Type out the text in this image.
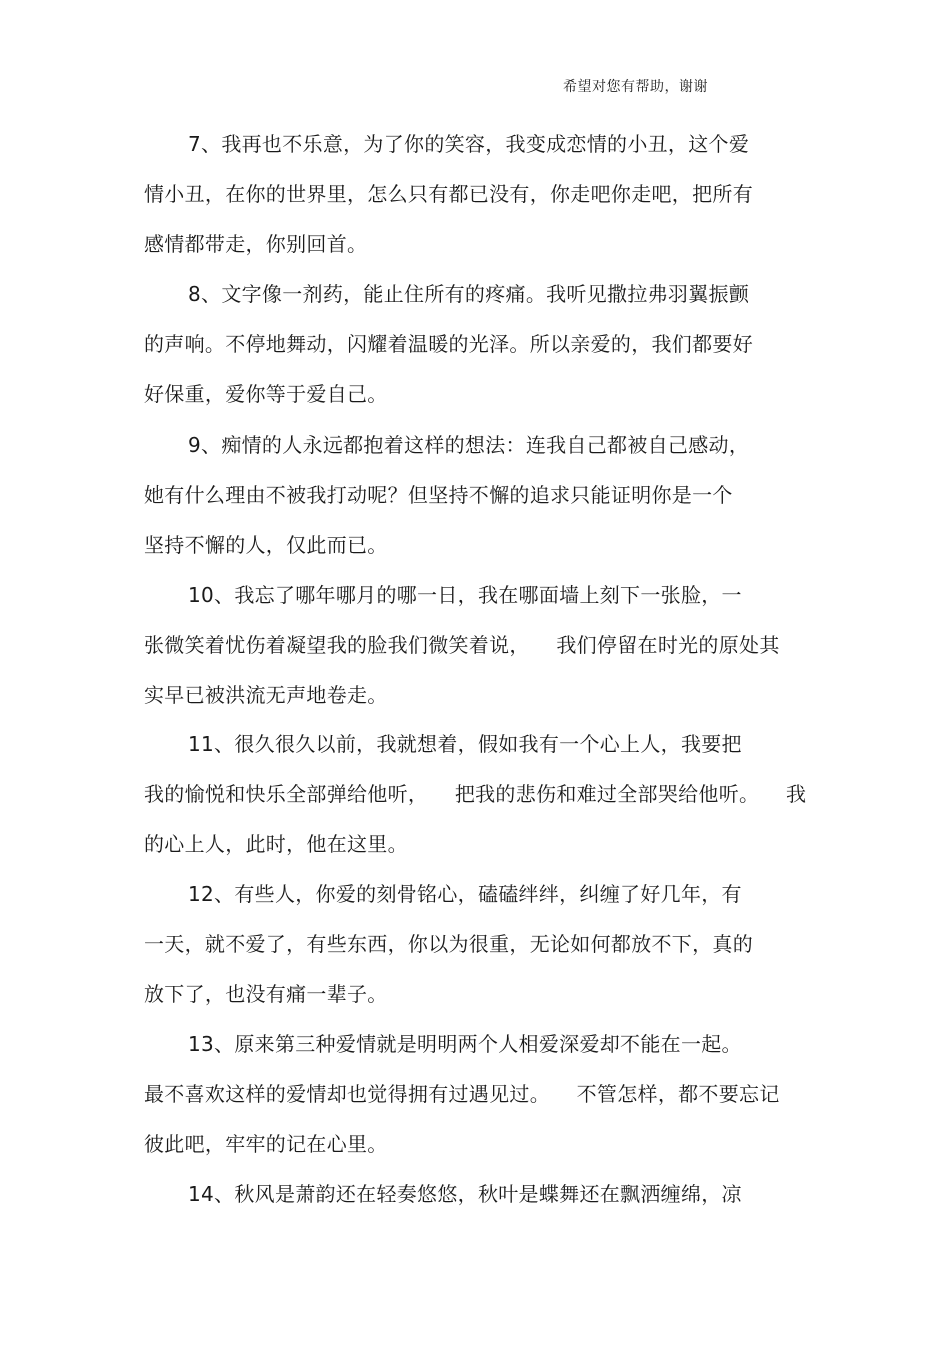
希望对您有帮助，谢谢
7、我再也不乐意，为了你的笑容，我变成恋情的小丑，这个爱
情小丑，在你的世界里，怎么只有都已没有，你走吧你走吧，把所有
感情都带走，你别回首。
8、文字像一剂药，能止住所有的疼痛。我听见撒拉弗羽翼振颤
的声响。不停地舞动，闪耀着温暖的光泽。所以亲爱的，我们都要好
好保重，爱你等于爱自己。
9、痴情的人永远都抱着这样的想法：连我自己都被自己感动，
她有什么理由不被我打动呢？但坚持不懈的追求只能证明你是一个
坚持不懈的人，仅此而已。
10、我忘了哪年哪月的哪一日，我在哪面墙上刻下一张脸，一
张微笑着忧伤着凝望我的脸我们微笑着说，    我们停留在时光的原处其
实早已被洪流无声地卷走。
11、很久很久以前，我就想着，假如我有一个心上人，我要把
我的愉悦和快乐全部弹给他听，    把我的悲伤和难过全部哭给他听。    我
的心上人，此时，他在这里。
12、有些人，你爱的刻骨铭心，磕磕绊绊，纠缠了好几年，有
一天，就不爱了，有些东西，你以为很重，无论如何都放不下，真的
放下了，也没有痛一辈子。
13、原来第三种爱情就是明明两个人相爱深爱却不能在一起。
最不喜欢这样的爱情却也觉得拥有过遇见过。    不管怎样，都不要忘记
彼此吧，牢牢的记在心里。
14、秋风是萧韵还在轻奏悠悠，秋叶是蝶舞还在飘洒缠绵，凉
